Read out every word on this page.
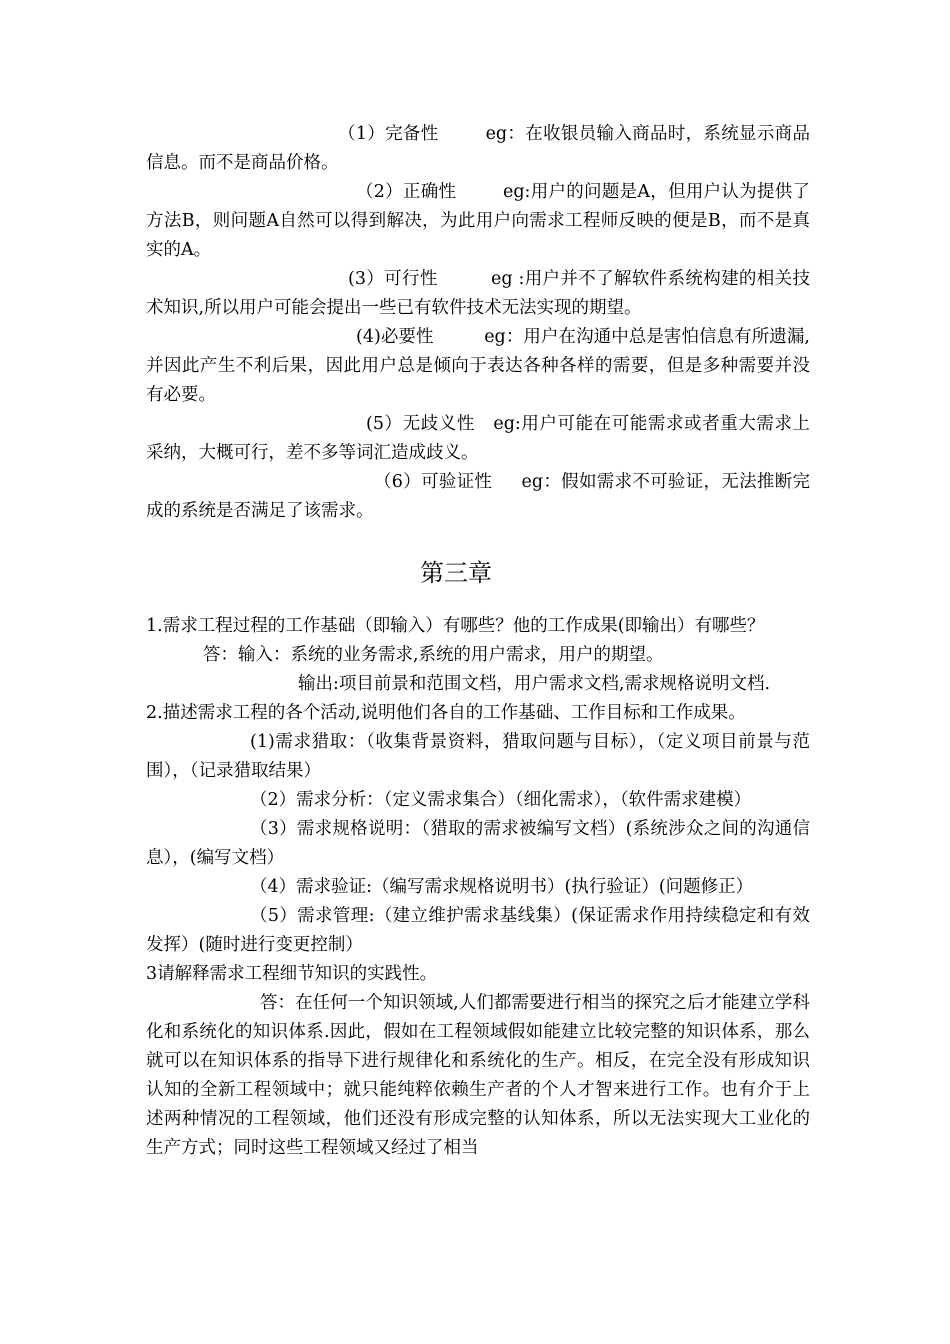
（1）完备性	eg：在收银员输入商品时，系统显示商品信息。而不是商品价格。

（2）正确性	eg:用户的问题是A，但用户认为提供了方法B，则问题A自然可以得到解决，为此用户向需求工程师反映的便是B，而不是真实的A。

(3）可行性	eg :用户并不了解软件系统构建的相关技术知识,所以用户可能会提出一些已有软件技术无法实现的期望。

(4)必要性	eg：用户在沟通中总是害怕信息有所遗漏,并因此产生不利后果，因此用户总是倾向于表达各种各样的需要，但是多种需要并没有必要。

(5）无歧义性 eg:用户可能在可能需求或者重大需求上采纳，大概可行，差不多等词汇造成歧义。

（6）可验证性 eg：假如需求不可验证，无法推断完成的系统是否满足了该需求。

第三章

1.需求工程过程的工作基础（即输入）有哪些？他的工作成果(即输出）有哪些？

答：输入：系统的业务需求,系统的用户需求，用户的期望。

输出:项目前景和范围文档，用户需求文档,需求规格说明文档.

2.描述需求工程的各个活动,说明他们各自的工作基础、工作目标和工作成果。

(1)需求猎取：（收集背景资料，猎取问题与目标），（定义项目前景与范围），（记录猎取结果）

（2）需求分析：（定义需求集合）（细化需求），（软件需求建模）

（3）需求规格说明：（猎取的需求被编写文档）(系统涉众之间的沟通信息），(编写文档）

（4）需求验证:（编写需求规格说明书）(执行验证）(问题修正）

（5）需求管理:（建立维护需求基线集）(保证需求作用持续稳定和有效发挥）(随时进行变更控制）

3请解释需求工程细节知识的实践性。

答：在任何一个知识领域,人们都需要进行相当的探究之后才能建立学科化和系统化的知识体系.因此，假如在工程领域假如能建立比较完整的知识体系，那么就可以在知识体系的指导下进行规律化和系统化的生产。相反，在完全没有形成知识认知的全新工程领域中；就只能纯粹依赖生产者的个人才智来进行工作。也有介于上述两种情况的工程领域，他们还没有形成完整的认知体系，所以无法实现大工业化的生产方式；同时这些工程领域又经过了相当
